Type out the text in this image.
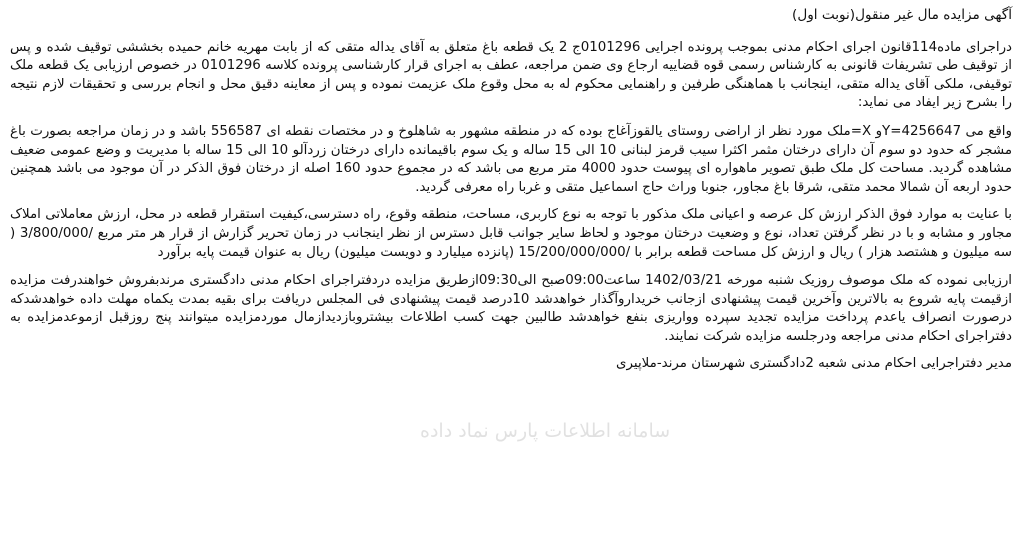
آگهی مزایده مال غیر منقول(نوبت اول)

دراجرای ماده114قانون اجرای احکام مدنی بموجب پرونده اجرایی 0101296ج 2 یک قطعه باغ متعلق به آقای یداله متقی که از بابت مهریه خانم حمیده بخششی توقیف شده و پس از توقیف طی تشریفات قانونی به کارشناس رسمی قوه قضاییه ارجاع وی ضمن مراجعه، عطف به اجرای قرار کارشناسی پرونده کلاسه 0101296 در خصوص ارزیابی یک قطعه ملک توقیفی، ملکی آقای یداله متقی، اینجانب با هماهنگی طرفین و راهنمایی محکوم له به محل وقوع ملک عزیمت نموده و پس از معاینه دقیق محل و انجام بررسی و تحقیقات لازم نتیجه را بشرح زیر ایفاد می نماید:

واقع می Y=4256647و X=ملک مورد نظر از اراضی روستای یالقوزآغاج بوده که در منطقه مشهور به شاهلوخ و در مختصات نقطه ای 556587 باشد و در زمان مراجعه بصورت باغ مشجر که حدود دو سوم آن دارای درختان مثمر اکثرا سیب قرمز لبنانی 10 الی 15 ساله و یک سوم باقیمانده دارای درختان زردآلو 10 الی 15 ساله با مدیریت و وضع عمومی ضعیف مشاهده گردید. مساحت کل ملک طبق تصویر ماهواره ای پیوست حدود 4000 متر مربع می باشد که در مجموع حدود 160 اصله از درختان فوق الذکر در آن موجود می باشد همچنین حدود اربعه آن شمالا محمد متقی، شرقا باغ مجاور، جنوبا وراث حاج اسماعیل متقی و غربا راه معرفی گردید.

با عنایت به موارد فوق الذکر ارزش کل عرصه و اعیانی ملک مذکور با توجه به نوع کاربری، مساحت، منطقه وقوع، راه دسترسی،کیفیت استقرار قطعه در محل، ارزش معاملاتی املاک مجاور و مشابه و با در نظر گرفتن تعداد، نوع و وضعیت درختان موجود و لحاظ سایر جوانب قابل دسترس از نظر اینجانب در زمان تحریر گزارش از قرار هر متر مربع /3/800/000 ( سه میلیون و هشتصد هزار ) ریال و ارزش کل مساحت قطعه برابر با /15/200/000/000 (پانزده میلیارد و دویست میلیون) ریال به عنوان قیمت پایه برآورد

ارزیابی نموده که ملک موصوف روزیک شنبه مورخه 1402/03/21 ساعت09:00صبح الی09:30ازطریق مزایده دردفتراجرای احکام مدنی دادگستری مرندبفروش خواهندرفت مزایده ازقیمت پایه شروع به بالاترین وآخرین قیمت پیشنهادی ازجانب خریداروآگذار خواهدشد 10درصد قیمت پیشنهادی فی المجلس دریافت برای بقیه بمدت یکماه مهلت داده خواهدشدکه درصورت انصراف یاعدم پرداخت مزایده تجدید سپرده وواریزی بنفع خواهدشد طالبین جهت کسب اطلاعات بیشتروبازدیدازمال موردمزایده میتوانند پنج روزقبل ازموعدمزایده به دفتراجرای احکام مدنی مراجعه ودرجلسه مزایده شرکت نمایند.

مدیر دفتراجرایی احکام مدنی شعبه 2دادگستری شهرستان مرند-ملاپیری

سامانه اطلاعات پارس نماد داده
